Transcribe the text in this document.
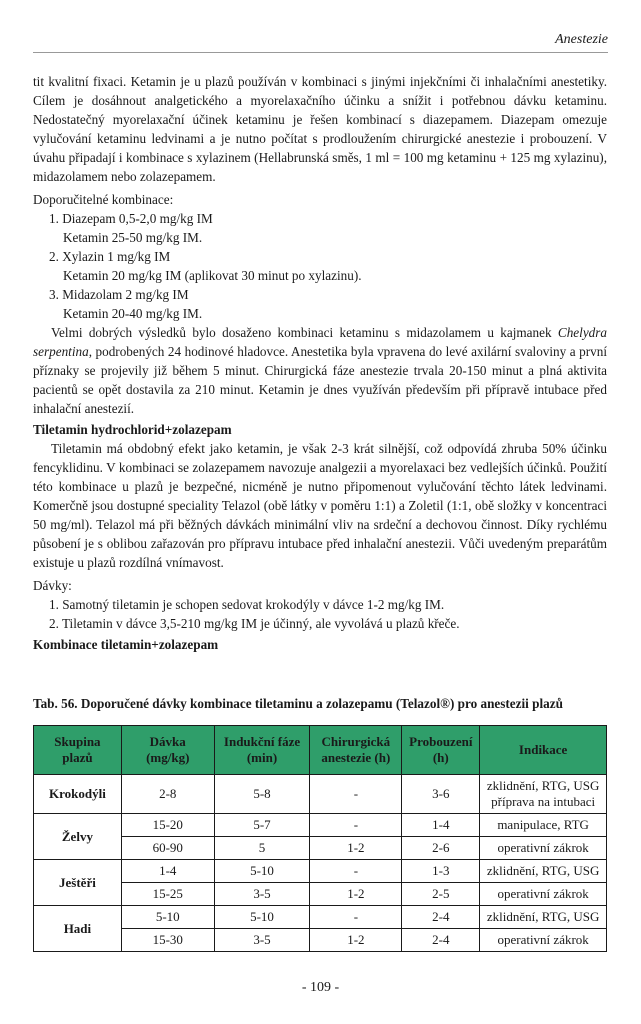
Anestezie

tit kvalitní fixaci. Ketamin je u plazů používán v kombinaci s jinými injekčními či inhalačními anestetiky. Cílem je dosáhnout analgetického a myorelaxačního účinku a snížit i potřebnou dávku ketaminu. Nedostatečný myorelaxační účinek ketaminu je řešen kombinací s diazepamem. Diazepam omezuje vylučování ketaminu ledvinami a je nutno počítat s prodloužením chirurgické anestezie i probouzení. V úvahu připadají i kombinace s xylazinem (Hellabrunská směs, 1 ml = 100 mg ketaminu + 125 mg xylazinu), midazolamem nebo zolazepamem.

Doporučitelné kombinace:

1. Diazepam 0,5-2,0 mg/kg IM
Ketamin 25-50 mg/kg IM.
2. Xylazin 1 mg/kg IM
Ketamin 20 mg/kg IM (aplikovat 30 minut po xylazinu).
3. Midazolam 2 mg/kg IM
Ketamin 20-40 mg/kg IM.

Velmi dobrých výsledků bylo dosaženo kombinaci ketaminu s midazolamem u kajmanek Chelydra serpentina, podrobených 24 hodinové hladovce. Anestetika byla vpravena do levé axilární svaloviny a první příznaky se projevily již během 5 minut. Chirurgická fáze anestezie trvala 20-150 minut a plná aktivita pacientů se opět dostavila za 210 minut. Ketamin je dnes využíván především při přípravě intubace před inhalační anestezií.

Tiletamin hydrochlorid+zolazepam

Tiletamin má obdobný efekt jako ketamin, je však 2-3 krát silnější, což odpovídá zhruba 50% účinku fencyklidinu. V kombinaci se zolazepamem navozuje analgezii a myorelaxaci bez vedlejších účinků. Použití této kombinace u plazů je bezpečné, nicméně je nutno připomenout vylučování těchto látek ledvinami. Komerčně jsou dostupné speciality Telazol (obě látky v poměru 1:1) a Zoletil (1:1, obě složky v koncentraci 50 mg/ml). Telazol má při běžných dávkách minimální vliv na srdeční a dechovou činnost. Díky rychlému působení je s oblibou zařazován pro přípravu intubace před inhalační anestezii. Vůči uvedeným preparátům existuje u plazů rozdílná vnímavost.

Dávky:

1. Samotný tiletamin je schopen sedovat krokodýly v dávce 1-2 mg/kg IM.
2. Tiletamin v dávce 3,5-210 mg/kg IM je účinný, ale vyvolává u plazů křeče.

Kombinace tiletamin+zolazepam

Tab. 56. Doporučené dávky kombinace tiletaminu a zolazepamu (Telazol®) pro anestezii plazů
Skupina
plazů	Dávka
(mg/kg)	Indukční fáze
(min)	Chirurgická
anestezie (h)	Probouzení
(h)	Indikace
Krokodýli	2-8	5-8	-	3-6	zklidnění, RTG, USG
příprava na intubaci
Želvy	15-20	5-7	-	1-4	manipulace, RTG
	60-90	5	1-2	2-6	operativní zákrok
Ještěři	1-4	5-10	-	1-3	zklidnění, RTG, USG
	15-25	3-5	1-2	2-5	operativní zákrok
Hadi	5-10	5-10	-	2-4	zklidnění, RTG, USG
	15-30	3-5	1-2	2-4	operativní zákrok
- 109 -
